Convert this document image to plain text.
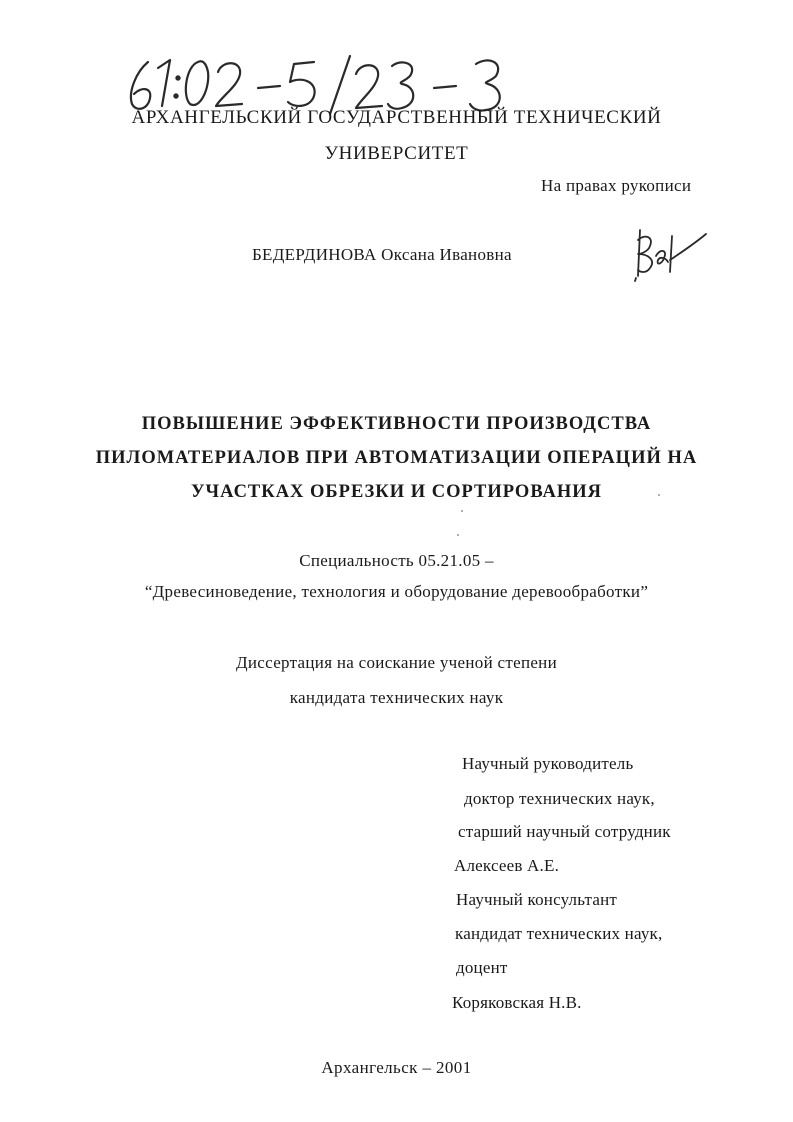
АРХАНГЕЛЬСКИЙ ГОСУДАРСТВЕННЫЙ ТЕХНИЧЕСКИЙ
УНИВЕРСИТЕТ
На правах рукописи
БЕДЕРДИНОВА Оксана Ивановна
ПОВЫШЕНИЕ ЭФФЕКТИВНОСТИ ПРОИЗВОДСТВА
ПИЛОМАТЕРИАЛОВ ПРИ АВТОМАТИЗАЦИИ ОПЕРАЦИЙ НА
УЧАСТКАХ ОБРЕЗКИ И СОРТИРОВАНИЯ
Специальность 05.21.05 –
“Древесиноведение, технология и оборудование деревообработки”
Диссертация на соискание ученой степени
кандидата технических наук
Научный руководитель
доктор технических наук,
старший научный сотрудник
Алексеев А.Е.
Научный консультант
кандидат технических наук,
доцент
Коряковская Н.В.
Архангельск – 2001
